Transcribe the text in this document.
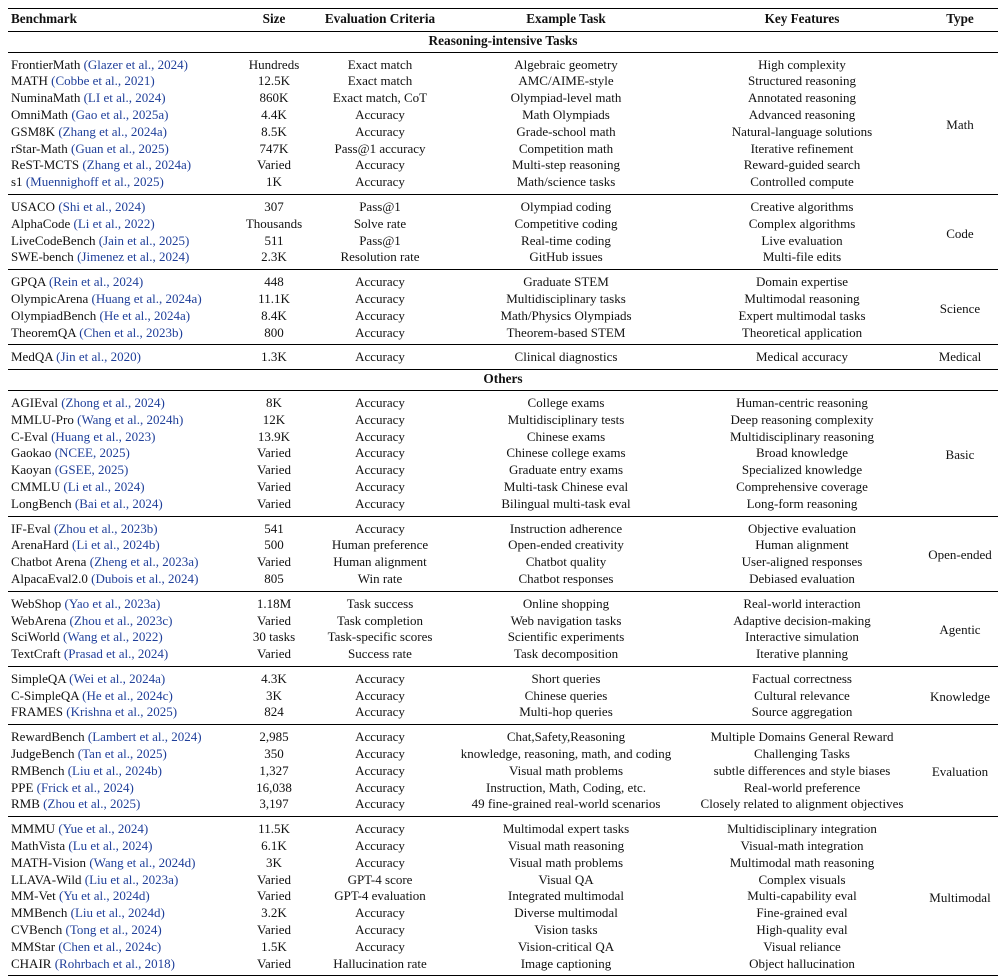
Benchmark	Size	Evaluation Criteria	Example Task	Key Features	Type
Reasoning-intensive Tasks					
FrontierMath (Glazer et al., 2024)	Hundreds	Exact match	Algebraic geometry	High complexity	Math
MATH (Cobbe et al., 2021)	12.5K	Exact match	AMC/AIME-style	Structured reasoning	
NuminaMath (LI et al., 2024)	860K	Exact match, CoT	Olympiad-level math	Annotated reasoning	
OmniMath (Gao et al., 2025a)	4.4K	Accuracy	Math Olympiads	Advanced reasoning	
GSM8K (Zhang et al., 2024a)	8.5K	Accuracy	Grade-school math	Natural-language solutions	
rStar-Math (Guan et al., 2025)	747K	Pass@1 accuracy	Competition math	Iterative refinement	
ReST-MCTS (Zhang et al., 2024a)	Varied	Accuracy	Multi-step reasoning	Reward-guided search	
s1 (Muennighoff et al., 2025)	1K	Accuracy	Math/science tasks	Controlled compute	
USACO (Shi et al., 2024)	307	Pass@1	Olympiad coding	Creative algorithms	Code
AlphaCode (Li et al., 2022)	Thousands	Solve rate	Competitive coding	Complex algorithms	
LiveCodeBench (Jain et al., 2025)	511	Pass@1	Real-time coding	Live evaluation	
SWE-bench (Jimenez et al., 2024)	2.3K	Resolution rate	GitHub issues	Multi-file edits	
GPQA (Rein et al., 2024)	448	Accuracy	Graduate STEM	Domain expertise	Science
OlympicArena (Huang et al., 2024a)	11.1K	Accuracy	Multidisciplinary tasks	Multimodal reasoning	
OlympiadBench (He et al., 2024a)	8.4K	Accuracy	Math/Physics Olympiads	Expert multimodal tasks	
TheoremQA (Chen et al., 2023b)	800	Accuracy	Theorem-based STEM	Theoretical application	
MedQA (Jin et al., 2020)	1.3K	Accuracy	Clinical diagnostics	Medical accuracy	Medical
Others					
AGIEval (Zhong et al., 2024)	8K	Accuracy	College exams	Human-centric reasoning	Basic
MMLU-Pro (Wang et al., 2024h)	12K	Accuracy	Multidisciplinary tests	Deep reasoning complexity	
C-Eval (Huang et al., 2023)	13.9K	Accuracy	Chinese exams	Multidisciplinary reasoning	
Gaokao (NCEE, 2025)	Varied	Accuracy	Chinese college exams	Broad knowledge	
Kaoyan (GSEE, 2025)	Varied	Accuracy	Graduate entry exams	Specialized knowledge	
CMMLU (Li et al., 2024)	Varied	Accuracy	Multi-task Chinese eval	Comprehensive coverage	
LongBench (Bai et al., 2024)	Varied	Accuracy	Bilingual multi-task eval	Long-form reasoning	
IF-Eval (Zhou et al., 2023b)	541	Accuracy	Instruction adherence	Objective evaluation	Open-ended
ArenaHard (Li et al., 2024b)	500	Human preference	Open-ended creativity	Human alignment	
Chatbot Arena (Zheng et al., 2023a)	Varied	Human alignment	Chatbot quality	User-aligned responses	
AlpacaEval2.0 (Dubois et al., 2024)	805	Win rate	Chatbot responses	Debiased evaluation	
WebShop (Yao et al., 2023a)	1.18M	Task success	Online shopping	Real-world interaction	Agentic
WebArena (Zhou et al., 2023c)	Varied	Task completion	Web navigation tasks	Adaptive decision-making	
SciWorld (Wang et al., 2022)	30 tasks	Task-specific scores	Scientific experiments	Interactive simulation	
TextCraft (Prasad et al., 2024)	Varied	Success rate	Task decomposition	Iterative planning	
SimpleQA (Wei et al., 2024a)	4.3K	Accuracy	Short queries	Factual correctness	Knowledge
C-SimpleQA (He et al., 2024c)	3K	Accuracy	Chinese queries	Cultural relevance	
FRAMES (Krishna et al., 2025)	824	Accuracy	Multi-hop queries	Source aggregation	
RewardBench (Lambert et al., 2024)	2,985	Accuracy	Chat,Safety,Reasoning	Multiple Domains General Reward	Evaluation
JudgeBench (Tan et al., 2025)	350	Accuracy	knowledge, reasoning, math, and coding	Challenging Tasks	
RMBench (Liu et al., 2024b)	1,327	Accuracy	Visual math problems	subtle differences and style biases	
PPE (Frick et al., 2024)	16,038	Accuracy	Instruction, Math, Coding, etc.	Real-world preference	
RMB (Zhou et al., 2025)	3,197	Accuracy	49 fine-grained real-world scenarios	Closely related to alignment objectives	
MMMU (Yue et al., 2024)	11.5K	Accuracy	Multimodal expert tasks	Multidisciplinary integration	Multimodal
MathVista (Lu et al., 2024)	6.1K	Accuracy	Visual math reasoning	Visual-math integration	
MATH-Vision (Wang et al., 2024d)	3K	Accuracy	Visual math problems	Multimodal math reasoning	
LLAVA-Wild (Liu et al., 2023a)	Varied	GPT-4 score	Visual QA	Complex visuals	
MM-Vet (Yu et al., 2024d)	Varied	GPT-4 evaluation	Integrated multimodal	Multi-capability eval	
MMBench (Liu et al., 2024d)	3.2K	Accuracy	Diverse multimodal	Fine-grained eval	
CVBench (Tong et al., 2024)	Varied	Accuracy	Vision tasks	High-quality eval	
MMStar (Chen et al., 2024c)	1.5K	Accuracy	Vision-critical QA	Visual reliance	
CHAIR (Rohrbach et al., 2018)	Varied	Hallucination rate	Image captioning	Object hallucination	
